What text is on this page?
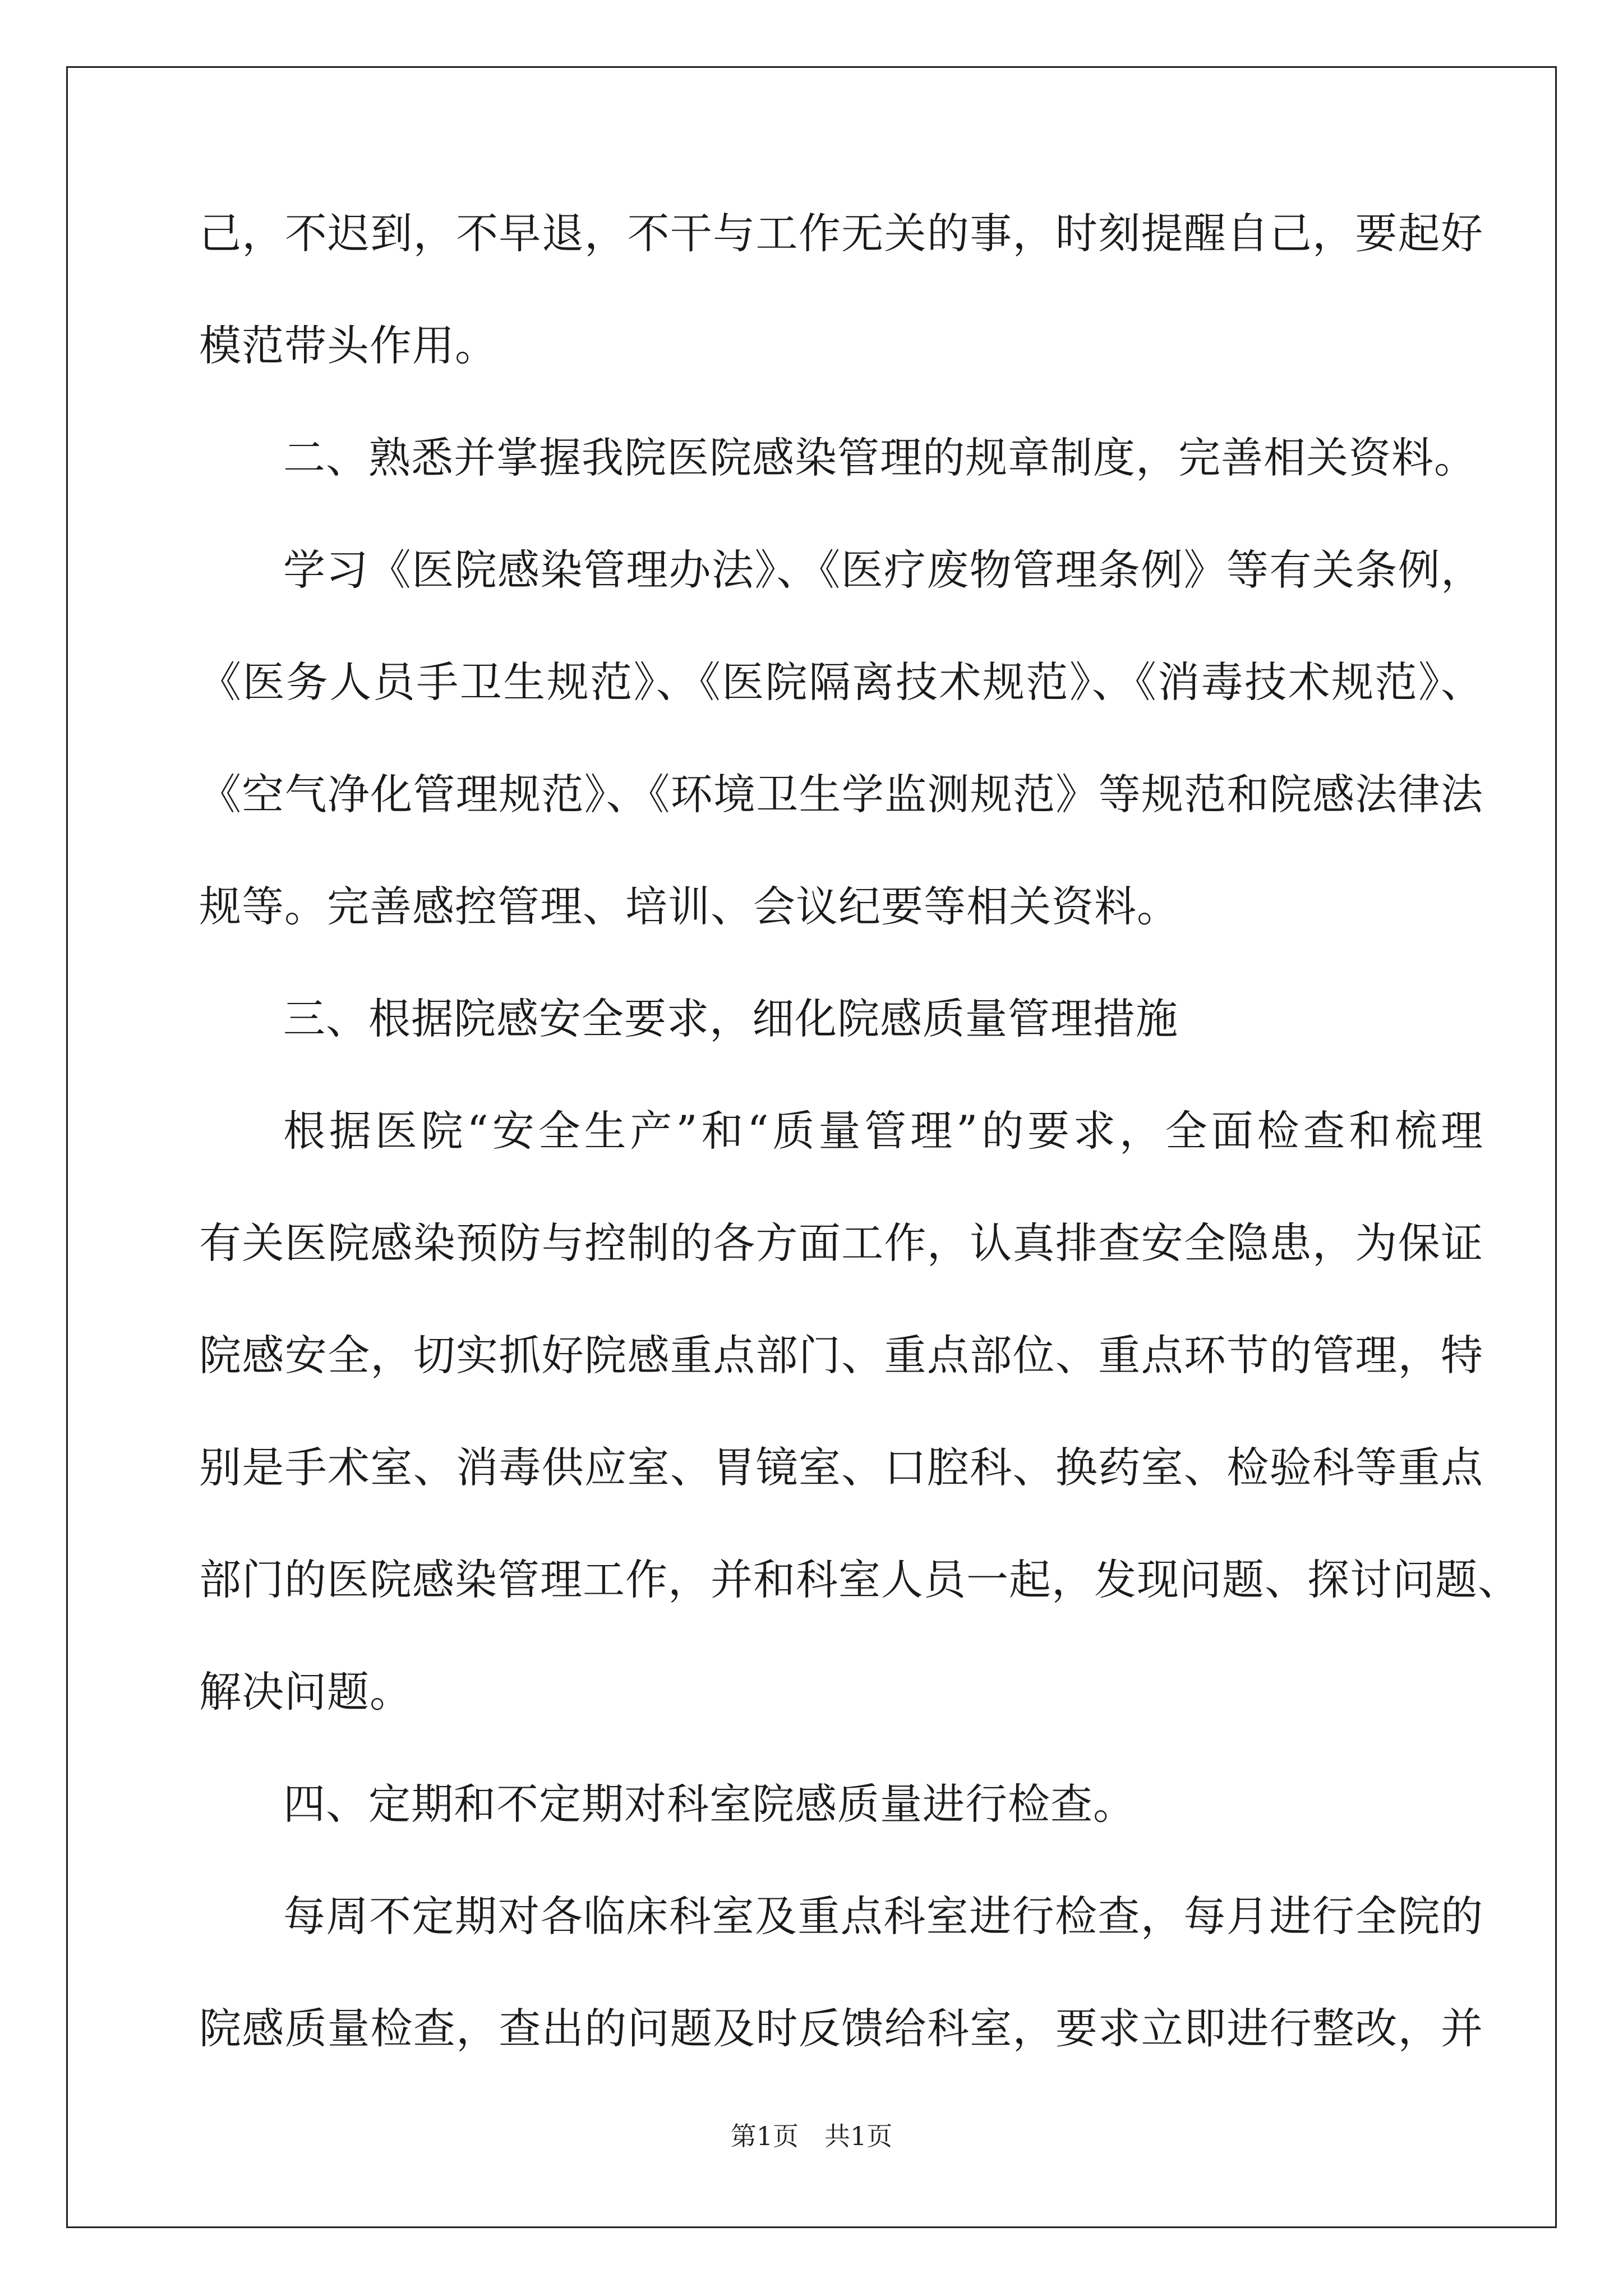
己，不迟到，不早退，不干与工作无关的事，时刻提醒自己，要起好
模范带头作用。
二、熟悉并掌握我院医院感染管理的规章制度，完善相关资料。
学习《医院感染管理办法》、《医疗废物管理条例》等有关条例，
《医务人员手卫生规范》、《医院隔离技术规范》、《消毒技术规范》、
《空气净化管理规范》、《环境卫生学监测规范》等规范和院感法律法
规等。完善感控管理、培训、会议纪要等相关资料。
三、根据院感安全要求，细化院感质量管理措施
根据医院“安全生产”和“质量管理”的要求，全面检查和梳理
有关医院感染预防与控制的各方面工作，认真排查安全隐患，为保证
院感安全，切实抓好院感重点部门、重点部位、重点环节的管理，特
别是手术室、消毒供应室、胃镜室、口腔科、换药室、检验科等重点
部门的医院感染管理工作，并和科室人员一起，发现问题、探讨问题、
解决问题。
四、定期和不定期对科室院感质量进行检查。
每周不定期对各临床科室及重点科室进行检查，每月进行全院的
院感质量检查，查出的问题及时反馈给科室，要求立即进行整改，并
第1页　共1页
